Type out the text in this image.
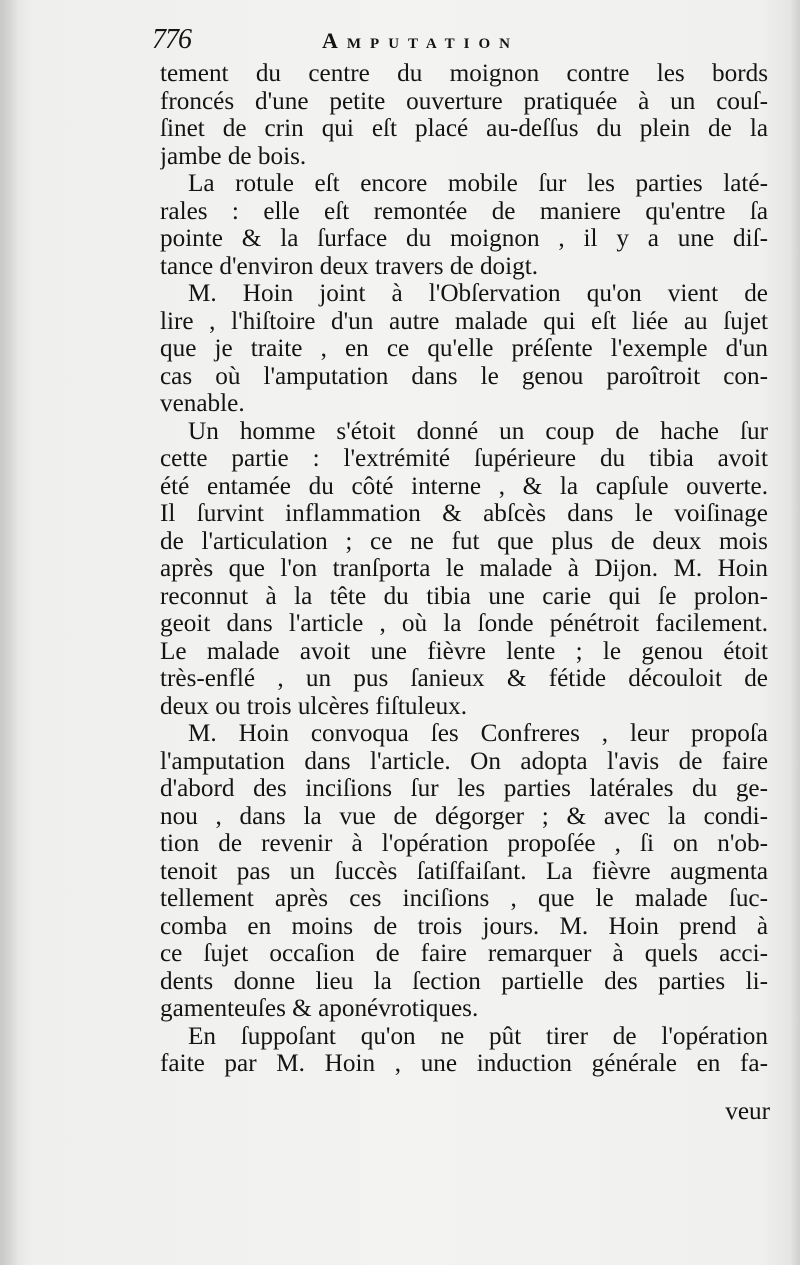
776	Amputation
tement du centre du moignon contre les bords
froncés d'une petite ouverture pratiquée à un couſ-
ſinet de crin qui eſt placé au-deſſus du plein de la
jambe de bois.
La rotule eſt encore mobile ſur les parties laté-
rales : elle eſt remontée de maniere qu'entre ſa
pointe & la ſurface du moignon , il y a une diſ-
tance d'environ deux travers de doigt.
M. Hoin joint à l'Obſervation qu'on vient de
lire , l'hiſtoire d'un autre malade qui eſt liée au ſujet
que je traite , en ce qu'elle préſente l'exemple d'un
cas où l'amputation dans le genou paroîtroit con-
venable.
Un homme s'étoit donné un coup de hache ſur
cette partie : l'extrémité ſupérieure du tibia avoit
été entamée du côté interne , & la capſule ouverte.
Il ſurvint inflammation & abſcès dans le voiſinage
de l'articulation ; ce ne fut que plus de deux mois
après que l'on tranſporta le malade à Dijon. M. Hoin
reconnut à la tête du tibia une carie qui ſe prolon-
geoit dans l'article , où la ſonde pénétroit facilement.
Le malade avoit une fièvre lente ; le genou étoit
très-enflé , un pus ſanieux & fétide découloit de
deux ou trois ulcères fiſtuleux.
M. Hoin convoqua ſes Confreres , leur propoſa
l'amputation dans l'article. On adopta l'avis de faire
d'abord des inciſions ſur les parties latérales du ge-
nou , dans la vue de dégorger ; & avec la condi-
tion de revenir à l'opération propoſée , ſi on n'ob-
tenoit pas un ſuccès ſatiſfaiſant. La fièvre augmenta
tellement après ces inciſions , que le malade ſuc-
comba en moins de trois jours. M. Hoin prend à
ce ſujet occaſion de faire remarquer à quels acci-
dents donne lieu la ſection partielle des parties li-
gamenteuſes & aponévrotiques.
En ſuppoſant qu'on ne pût tirer de l'opération
faite par M. Hoin , une induction générale en fa-
veur
